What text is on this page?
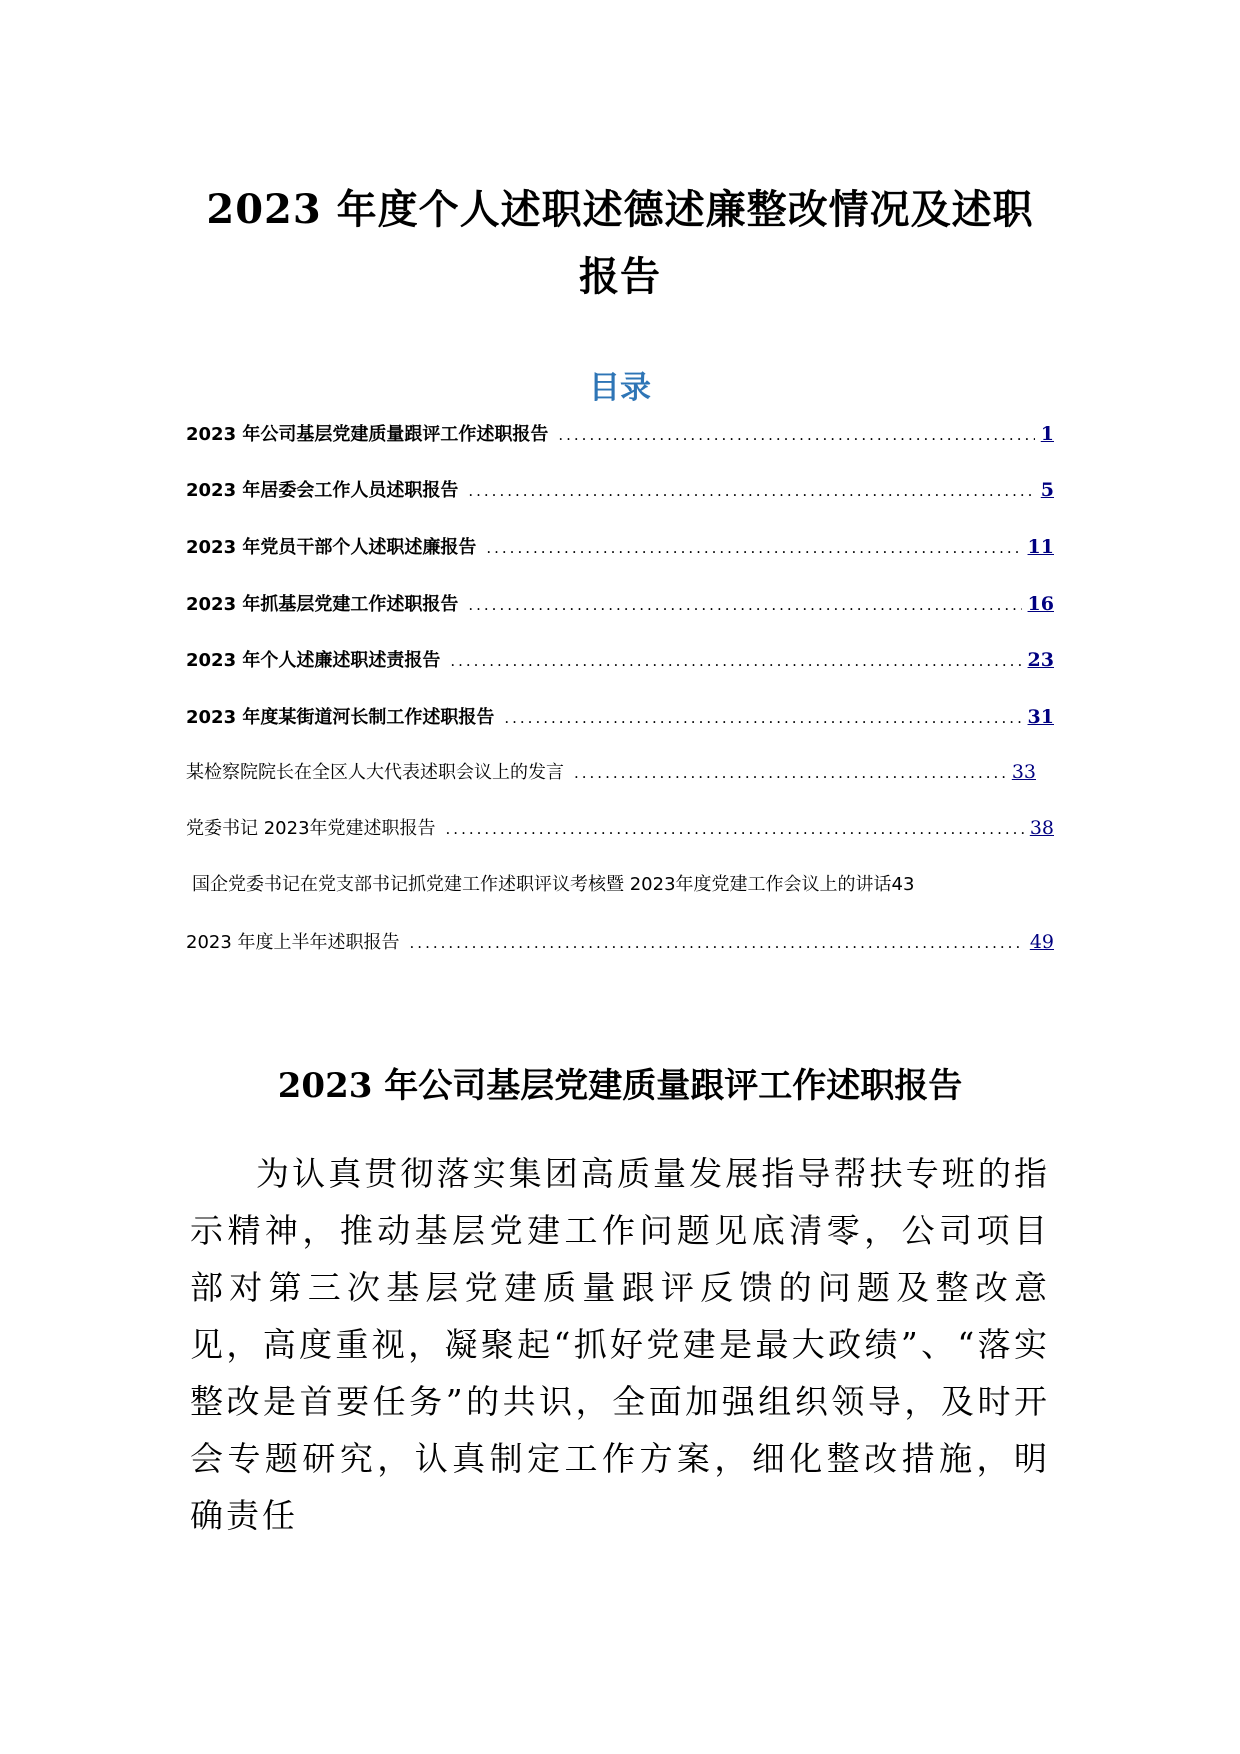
2023 年度个人述职述德述廉整改情况及述职
报告
目录
2023 年公司基层党建质量跟评工作述职报告 .....	1
2023 年居委会工作人员述职报告 .....	5
2023 年党员干部个人述职述廉报告 .....	11
2023 年抓基层党建工作述职报告 .....	16
2023 年个人述廉述职述责报告 .....	23
2023 年度某街道河长制工作述职报告 .....	31
某检察院院长在全区人大代表述职会议上的发言 .....	33
党委书记 2023年党建述职报告 .....	38
国企党委书记在党支部书记抓党建工作述职评议考核暨 2023年度党建工作会议上的讲话 43
2023 年度上半年述职报告 .....	49
2023 年公司基层党建质量跟评工作述职报告

为认真贯彻落实集团高质量发展指导帮扶专班的指示精神，推动基层党建工作问题见底清零，公司项目部对第三次基层党建质量跟评反馈的问题及整改意见，高度重视，凝聚起“抓好党建是最大政绩”、“落实整改是首要任务”的共识，全面加强组织领导，及时开会专题研究，认真制定工作方案，细化整改措施，明确责任
